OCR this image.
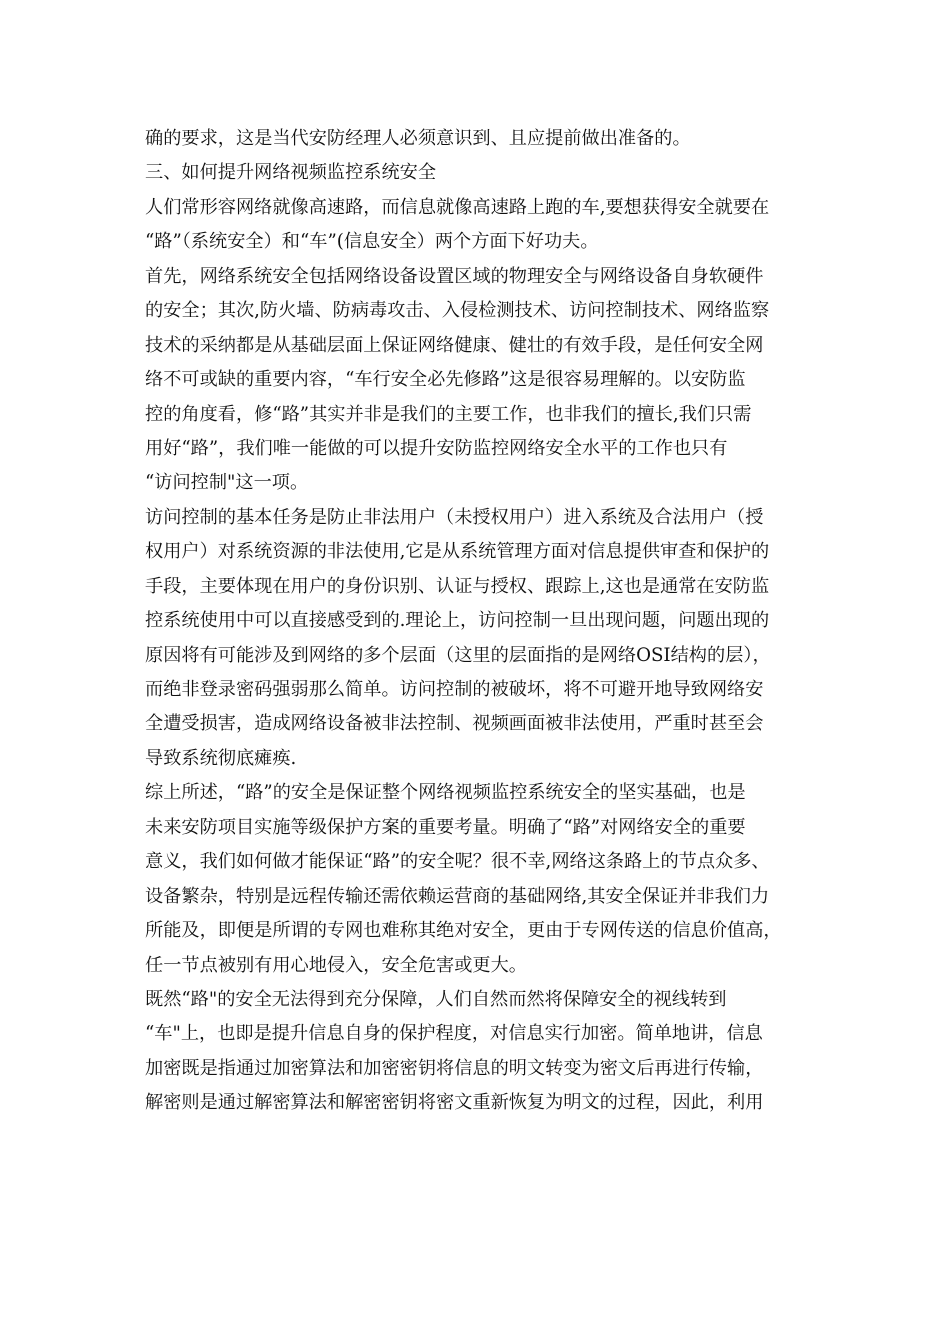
确的要求，这是当代安防经理人必须意识到、且应提前做出准备的。
三、如何提升网络视频监控系统安全
人们常形容网络就像高速路，而信息就像高速路上跑的车,要想获得安全就要在
“路”（系统安全）和“车”(信息安全）两个方面下好功夫。
首先，网络系统安全包括网络设备设置区域的物理安全与网络设备自身软硬件
的安全；其次,防火墙、防病毒攻击、入侵检测技术、访问控制技术、网络监察
技术的采纳都是从基础层面上保证网络健康、健壮的有效手段，是任何安全网
络不可或缺的重要内容，“车行安全必先修路”这是很容易理解的。以安防监
控的角度看，修“路”其实并非是我们的主要工作，也非我们的擅长,我们只需
用好“路”，我们唯一能做的可以提升安防监控网络安全水平的工作也只有
“访问控制"这一项。
访问控制的基本任务是防止非法用户（未授权用户）进入系统及合法用户（授
权用户）对系统资源的非法使用,它是从系统管理方面对信息提供审查和保护的
手段，主要体现在用户的身份识别、认证与授权、跟踪上,这也是通常在安防监
控系统使用中可以直接感受到的.理论上，访问控制一旦出现问题，问题出现的
原因将有可能涉及到网络的多个层面（这里的层面指的是网络OSI结构的层），
而绝非登录密码强弱那么简单。访问控制的被破坏，将不可避开地导致网络安
全遭受损害，造成网络设备被非法控制、视频画面被非法使用，严重时甚至会
导致系统彻底瘫痪.
综上所述，“路”的安全是保证整个网络视频监控系统安全的坚实基础，也是
未来安防项目实施等级保护方案的重要考量。明确了“路”对网络安全的重要
意义，我们如何做才能保证“路”的安全呢？很不幸,网络这条路上的节点众多、
设备繁杂，特别是远程传输还需依赖运营商的基础网络,其安全保证并非我们力
所能及，即便是所谓的专网也难称其绝对安全，更由于专网传送的信息价值高，
任一节点被别有用心地侵入，安全危害或更大。
既然“路"的安全无法得到充分保障，人们自然而然将保障安全的视线转到
“车"上，也即是提升信息自身的保护程度，对信息实行加密。简单地讲，信息
加密既是指通过加密算法和加密密钥将信息的明文转变为密文后再进行传输，
解密则是通过解密算法和解密密钥将密文重新恢复为明文的过程，因此，利用
